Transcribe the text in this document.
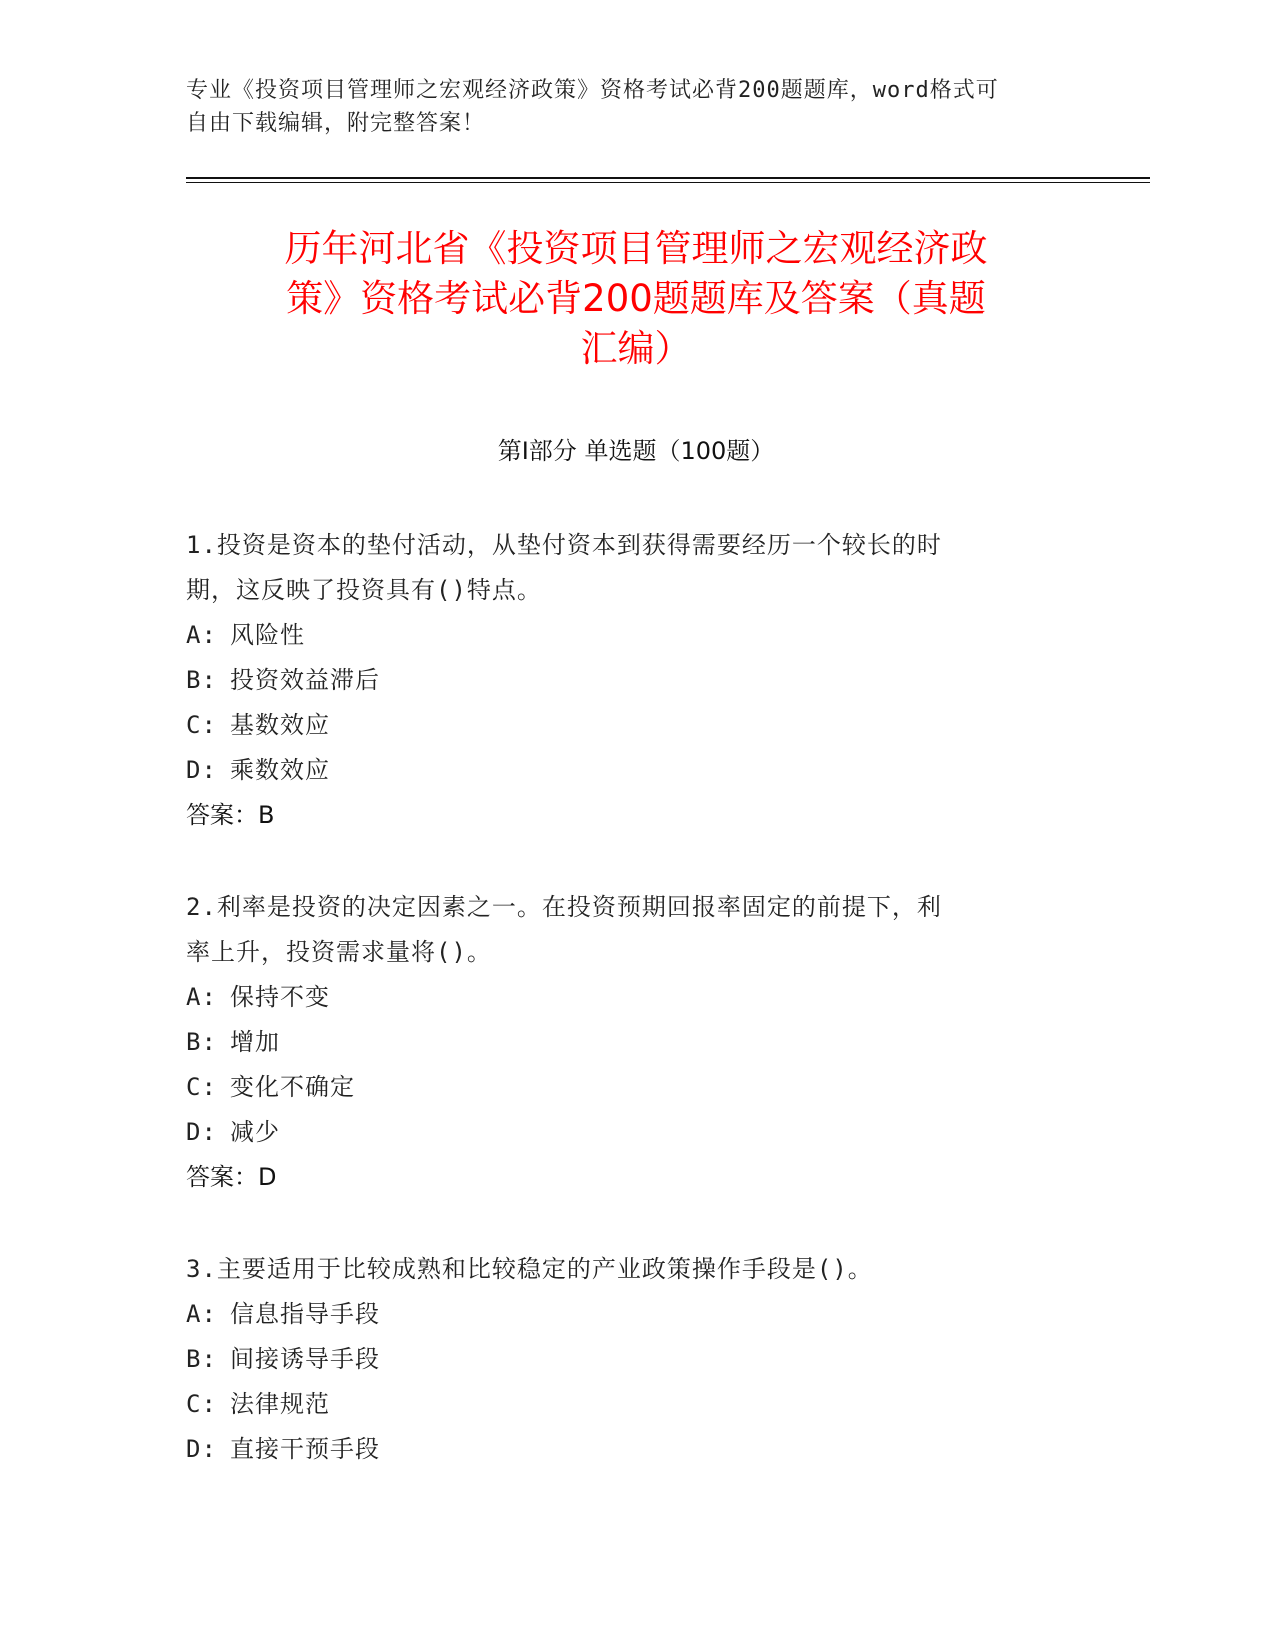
专业《投资项目管理师之宏观经济政策》资格考试必背200题题库，word格式可
自由下载编辑，附完整答案！
历年河北省《投资项目管理师之宏观经济政
策》资格考试必背200题题库及答案（真题
汇编）
第Ⅰ部分 单选题（100题）

1.投资是资本的垫付活动，从垫付资本到获得需要经历一个较长的时
期，这反映了投资具有()特点。

A: 风险性

B: 投资效益滞后

C: 基数效应

D: 乘数效应

答案：B

2.利率是投资的决定因素之一。在投资预期回报率固定的前提下，利
率上升，投资需求量将()。

A: 保持不变

B: 增加

C: 变化不确定

D: 减少

答案：D

3.主要适用于比较成熟和比较稳定的产业政策操作手段是()。

A: 信息指导手段

B: 间接诱导手段

C: 法律规范

D: 直接干预手段
